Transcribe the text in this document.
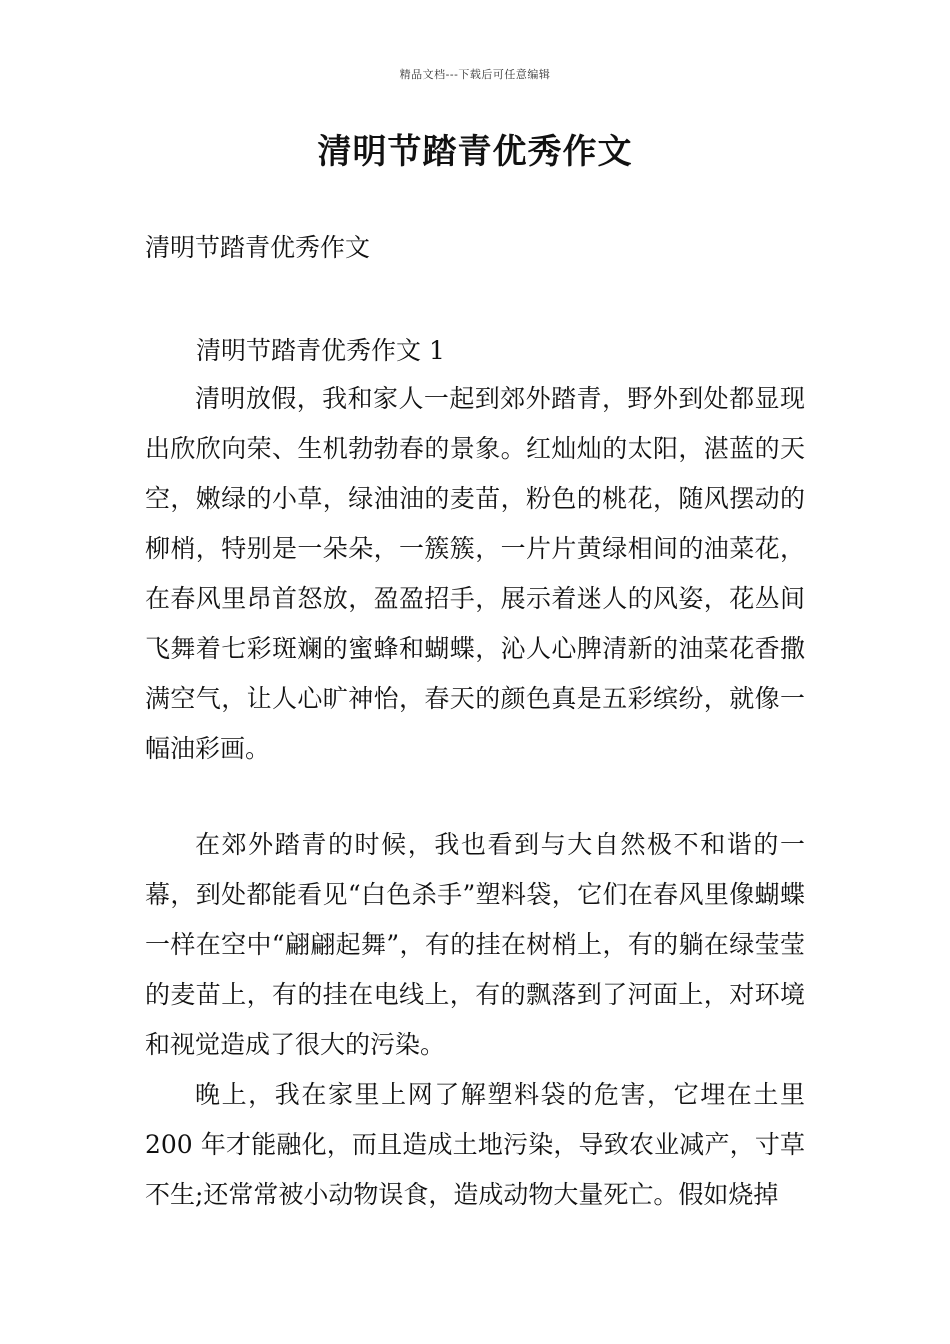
精品文档---下载后可任意编辑
清明节踏青优秀作文

清明节踏青优秀作文

清明节踏青优秀作文 1

清明放假，我和家人一起到郊外踏青，野外到处都显现出欣欣向荣、生机勃勃春的景象。红灿灿的太阳，湛蓝的天空，嫩绿的小草，绿油油的麦苗，粉色的桃花，随风摆动的柳梢，特别是一朵朵，一簇簇，一片片黄绿相间的油菜花，在春风里昂首怒放，盈盈招手，展示着迷人的风姿，花丛间飞舞着七彩斑斓的蜜蜂和蝴蝶，沁人心脾清新的油菜花香撒满空气，让人心旷神怡，春天的颜色真是五彩缤纷，就像一幅油彩画。

在郊外踏青的时候，我也看到与大自然极不和谐的一幕，到处都能看见“白色杀手”塑料袋，它们在春风里像蝴蝶一样在空中“翩翩起舞”，有的挂在树梢上，有的躺在绿莹莹的麦苗上，有的挂在电线上，有的飘落到了河面上，对环境和视觉造成了很大的污染。

晚上，我在家里上网了解塑料袋的危害，它埋在土里 200 年才能融化，而且造成土地污染，导致农业减产，寸草不生;还常常被小动物误食，造成动物大量死亡。假如烧掉
